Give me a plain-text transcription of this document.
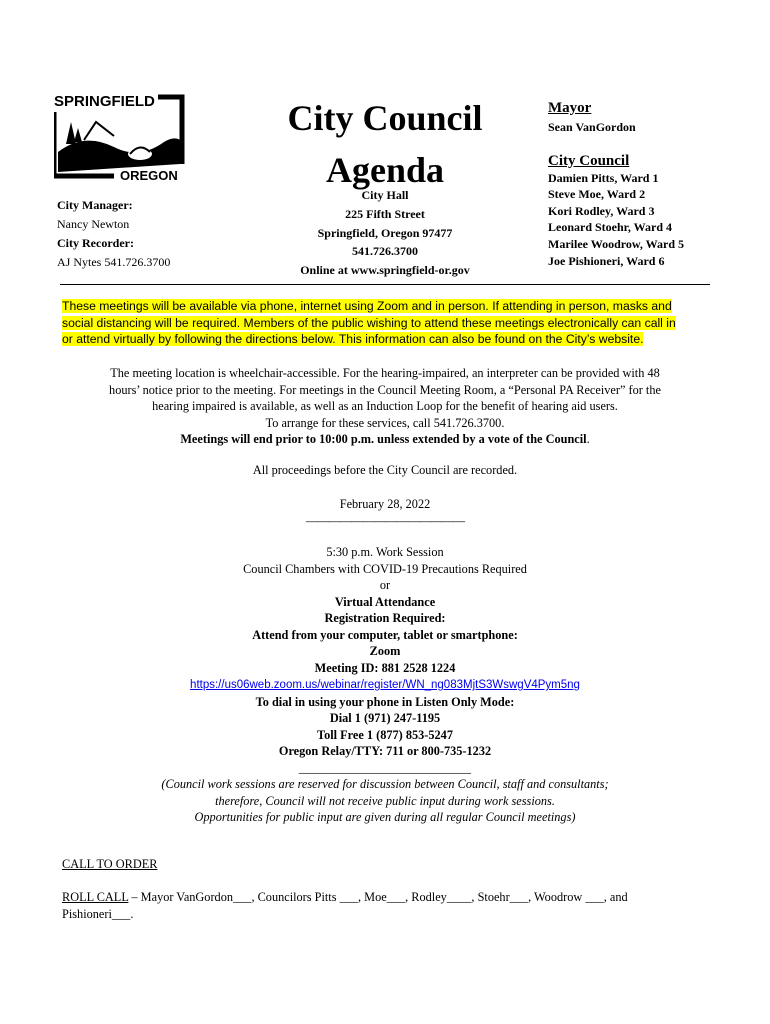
SPRINGFIELD
OREGON
City Manager:
Nancy Newton
City Recorder:
AJ Nytes 541.726.3700
City Council
Agenda
City Hall
225 Fifth Street
Springfield, Oregon 97477
541.726.3700
Online at www.springfield-or.gov
Mayor
Sean VanGordon
City Council
Damien Pitts, Ward 1
Steve Moe, Ward 2
Kori Rodley, Ward 3
Leonard Stoehr, Ward 4
Marilee Woodrow, Ward 5
Joe Pishioneri, Ward 6
These meetings will be available via phone, internet using Zoom and in person. If attending in person, masks and
social distancing will be required. Members of the public wishing to attend these meetings electronically can call in
or attend virtually by following the directions below. This information can also be found on the City’s website.
The meeting location is wheelchair-accessible. For the hearing-impaired, an interpreter can be provided with 48
hours’ notice prior to the meeting. For meetings in the Council Meeting Room, a “Personal PA Receiver” for the
hearing impaired is available, as well as an Induction Loop for the benefit of hearing aid users.
To arrange for these services, call 541.726.3700.
Meetings will end prior to 10:00 p.m. unless extended by a vote of the Council.
All proceedings before the City Council are recorded.
February 28, 2022
——————————————
5:30 p.m. Work Session
Council Chambers with COVID-19 Precautions Required
or
Virtual Attendance
Registration Required:
Attend from your computer, tablet or smartphone:
Zoom
Meeting ID: 881 2528 1224
https://us06web.zoom.us/webinar/register/WN_ng083MjtS3WswgV4Pym5ng
To dial in using your phone in Listen Only Mode:
Dial 1 (971) 247-1195
Toll Free 1 (877) 853-5247
Oregon Relay/TTY: 711 or 800-735-1232
____________________________
(Council work sessions are reserved for discussion between Council, staff and consultants;
therefore, Council will not receive public input during work sessions.
Opportunities for public input are given during all regular Council meetings)
CALL TO ORDER
ROLL CALL – Mayor VanGordon___, Councilors Pitts ___, Moe___, Rodley____, Stoehr___, Woodrow ___, and
Pishioneri___.
